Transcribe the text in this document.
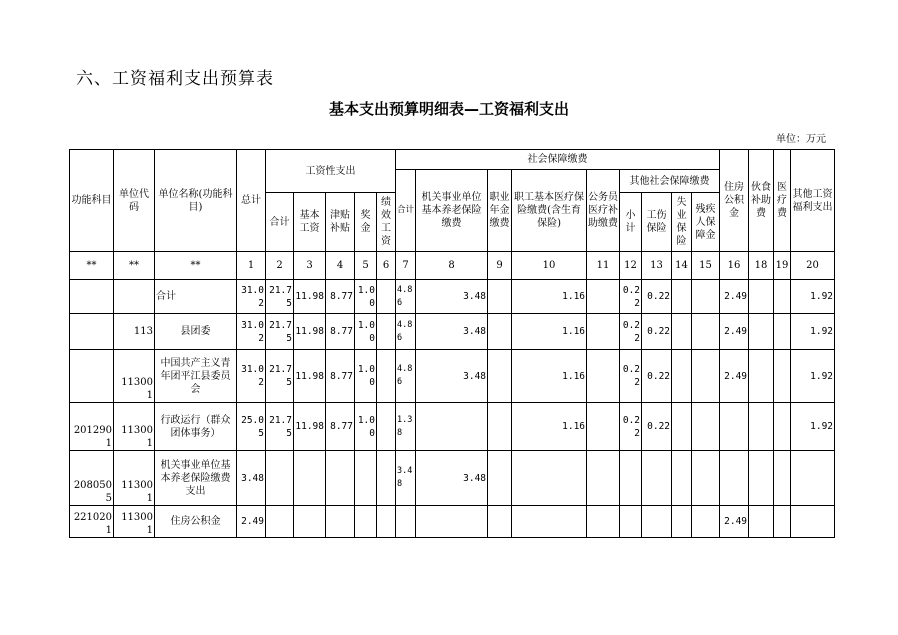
六、工资福利支出预算表
基本支出预算明细表—工资福利支出
单位：万元
功能科目	单位代码	单位名称(功能科目)	总计	工资性支出					社会保障缴费									住房公积金	伙食补助费	医疗费	其他工资福利支出
									合计	机关事业单位基本养老保险缴费	职业年金缴费	职工基本医疗保险缴费(含生育保险)	公务员医疗补助缴费	其他社会保障缴费							
				合计	基本工资	津贴补贴	奖金	绩效工资						小计	工伤保险	失业保险	残疾人保障金				
**	**	**	1	2	3	4	5	6	7	8	9	10	11	12	13	14	15	16	18	19	20
		合计	31.02	21.75	11.98	8.77	1.00		4.86	3.48		1.16		0.22	0.22			2.49			1.92
	113	县团委	31.02	21.75	11.98	8.77	1.00		4.86	3.48		1.16		0.22	0.22			2.49			1.92
	113001	中国共产主义青年团平江县委员会	31.02	21.75	11.98	8.77	1.00		4.86	3.48		1.16		0.22	0.22			2.49			1.92
2012901	113001	行政运行（群众团体事务）	25.05	21.75	11.98	8.77	1.00		1.38			1.16		0.22	0.22						1.92
2080505	113001	机关事业单位基本养老保险缴费支出	3.48						3.48	3.48											
2210201	113001	住房公积金	2.49															2.49			
